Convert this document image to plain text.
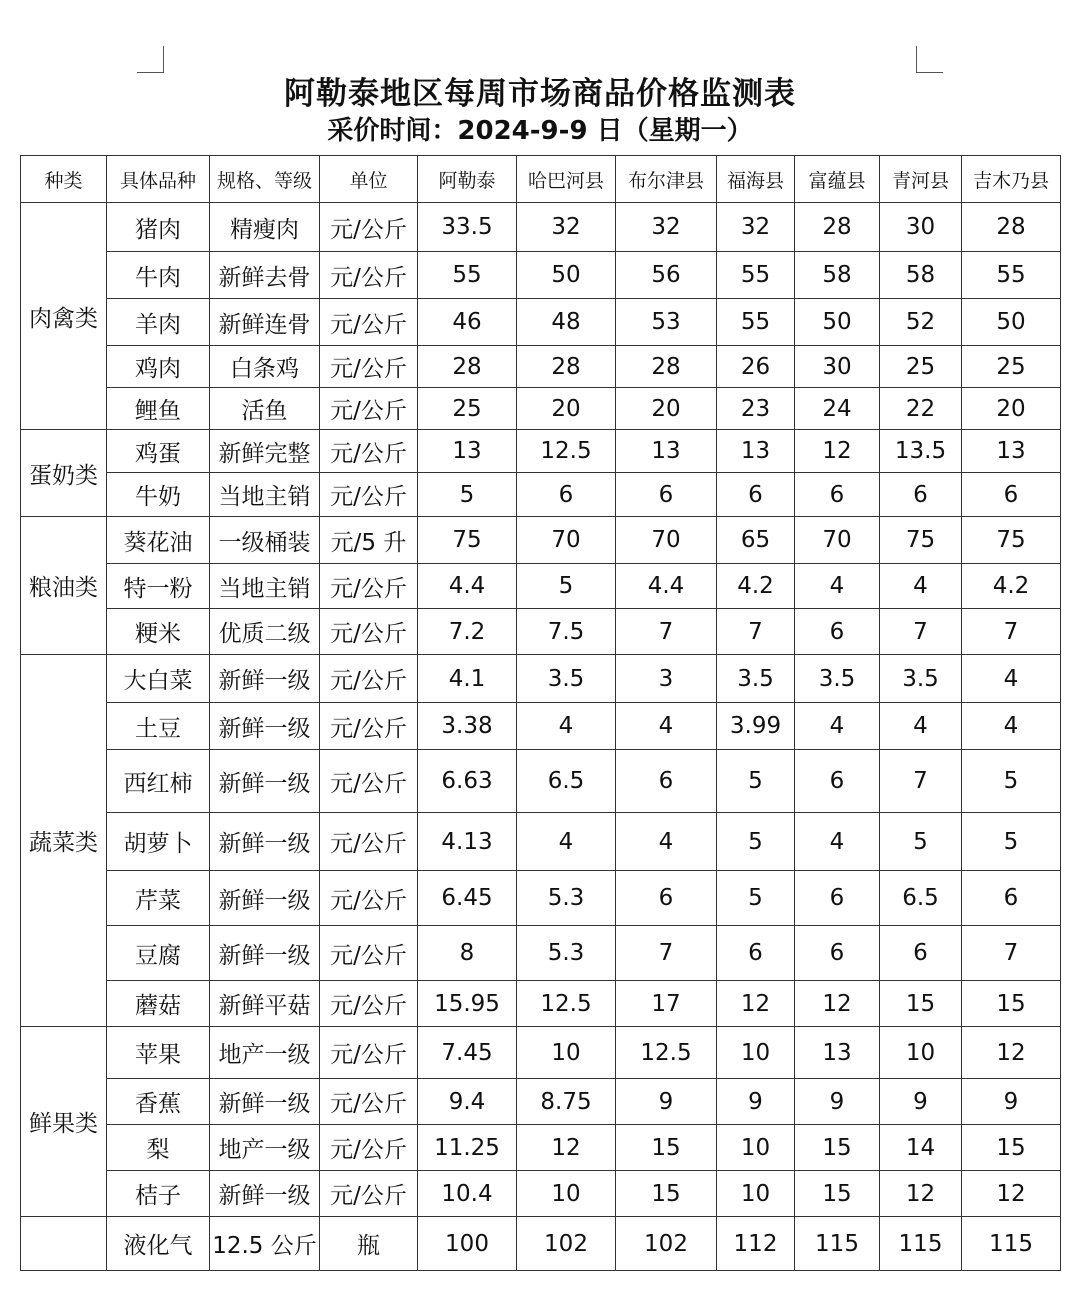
阿勒泰地区每周市场商品价格监测表
采价时间：2024-9-9 日（星期一）
种类	具体品种	规格、等级	单位	阿勒泰	哈巴河县	布尔津县	福海县	富蕴县	青河县	吉木乃县
肉禽类	猪肉	精瘦肉	元/公斤	33.5	32	32	32	28	30	28
	牛肉	新鲜去骨	元/公斤	55	50	56	55	58	58	55
	羊肉	新鲜连骨	元/公斤	46	48	53	55	50	52	50
	鸡肉	白条鸡	元/公斤	28	28	28	26	30	25	25
	鲤鱼	活鱼	元/公斤	25	20	20	23	24	22	20
蛋奶类	鸡蛋	新鲜完整	元/公斤	13	12.5	13	13	12	13.5	13
	牛奶	当地主销	元/公斤	5	6	6	6	6	6	6
粮油类	葵花油	一级桶装	元/5 升	75	70	70	65	70	75	75
	特一粉	当地主销	元/公斤	4.4	5	4.4	4.2	4	4	4.2
	粳米	优质二级	元/公斤	7.2	7.5	7	7	6	7	7
蔬菜类	大白菜	新鲜一级	元/公斤	4.1	3.5	3	3.5	3.5	3.5	4
	土豆	新鲜一级	元/公斤	3.38	4	4	3.99	4	4	4
	西红柿	新鲜一级	元/公斤	6.63	6.5	6	5	6	7	5
	胡萝卜	新鲜一级	元/公斤	4.13	4	4	5	4	5	5
	芹菜	新鲜一级	元/公斤	6.45	5.3	6	5	6	6.5	6
	豆腐	新鲜一级	元/公斤	8	5.3	7	6	6	6	7
	蘑菇	新鲜平菇	元/公斤	15.95	12.5	17	12	12	15	15
鲜果类	苹果	地产一级	元/公斤	7.45	10	12.5	10	13	10	12
	香蕉	新鲜一级	元/公斤	9.4	8.75	9	9	9	9	9
	梨	地产一级	元/公斤	11.25	12	15	10	15	14	15
	桔子	新鲜一级	元/公斤	10.4	10	15	10	15	12	12
	液化气	12.5 公斤	瓶	100	102	102	112	115	115	115
